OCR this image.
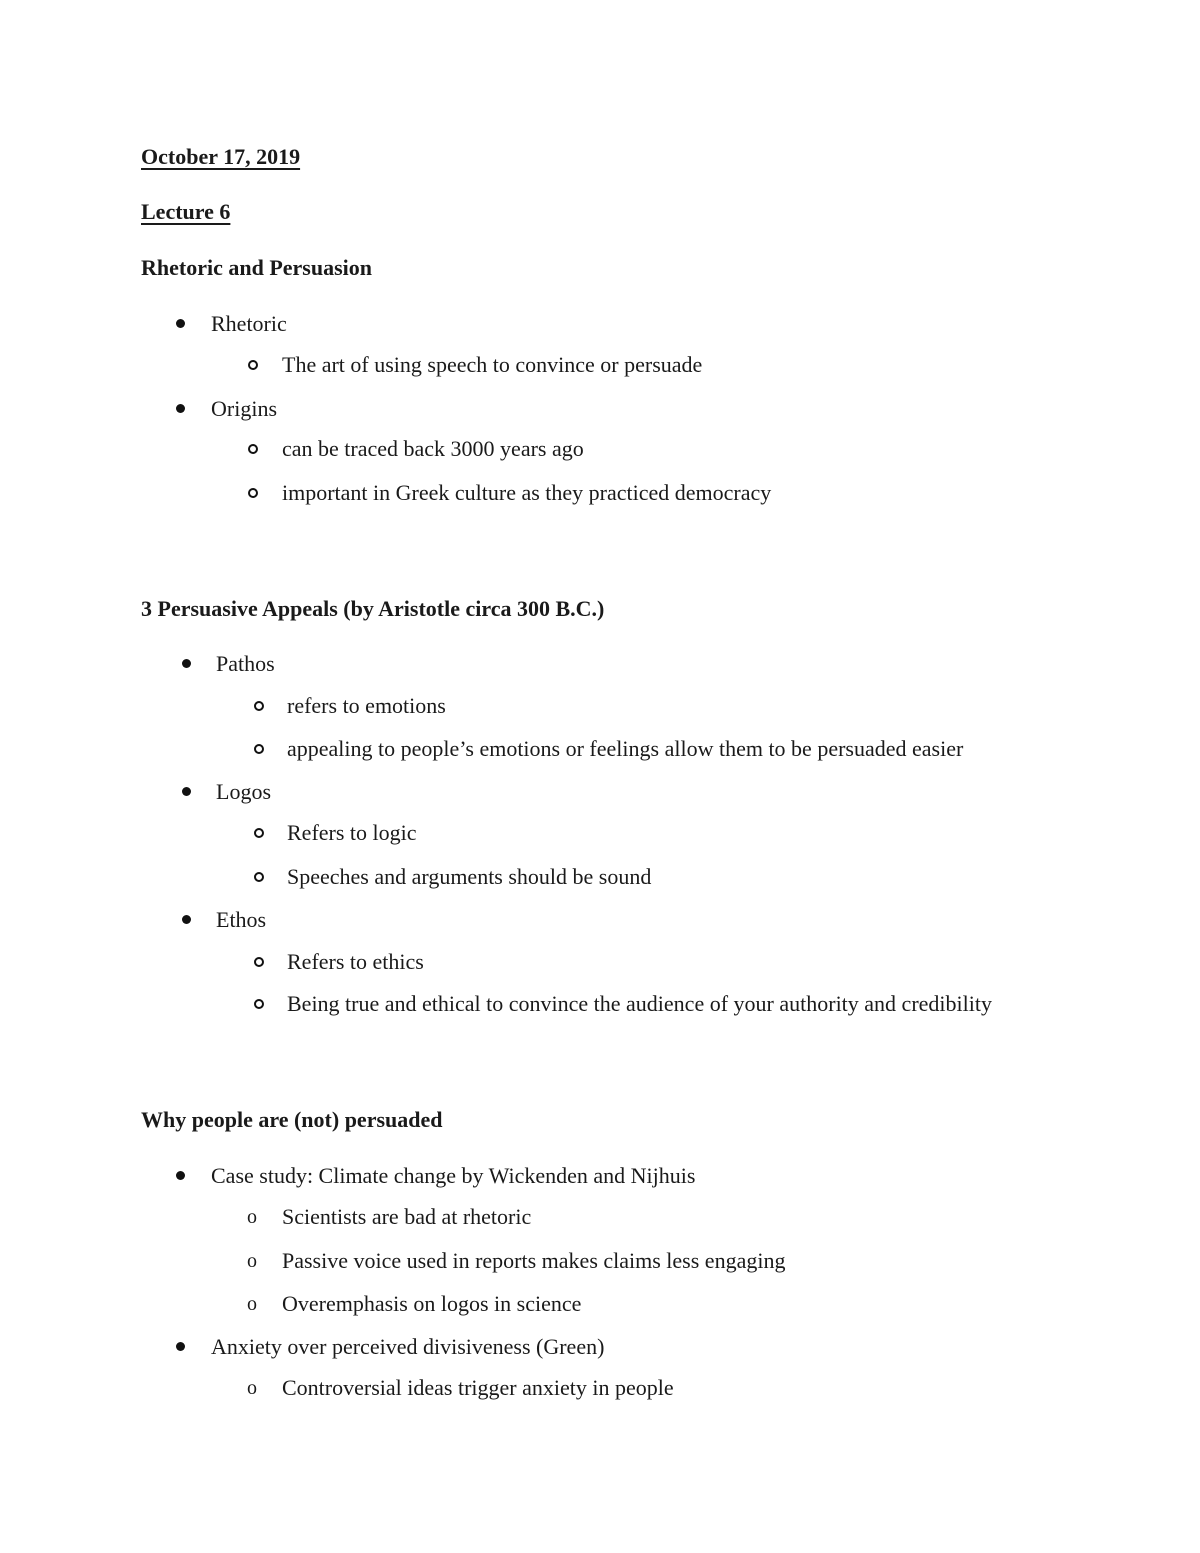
October 17, 2019
Lecture 6
Rhetoric and Persuasion
Rhetoric
The art of using speech to convince or persuade
Origins
can be traced back 3000 years ago
important in Greek culture as they practiced democracy
3 Persuasive Appeals (by Aristotle circa 300 B.C.)
Pathos
refers to emotions
appealing to people’s emotions or feelings allow them to be persuaded easier
Logos
Refers to logic
Speeches and arguments should be sound
Ethos
Refers to ethics
Being true and ethical to convince the audience of your authority and credibility
Why people are (not) persuaded
Case study: Climate change by Wickenden and Nijhuis
o Scientists are bad at rhetoric
o Passive voice used in reports makes claims less engaging
o Overemphasis on logos in science
Anxiety over perceived divisiveness (Green)
o Controversial ideas trigger anxiety in people
